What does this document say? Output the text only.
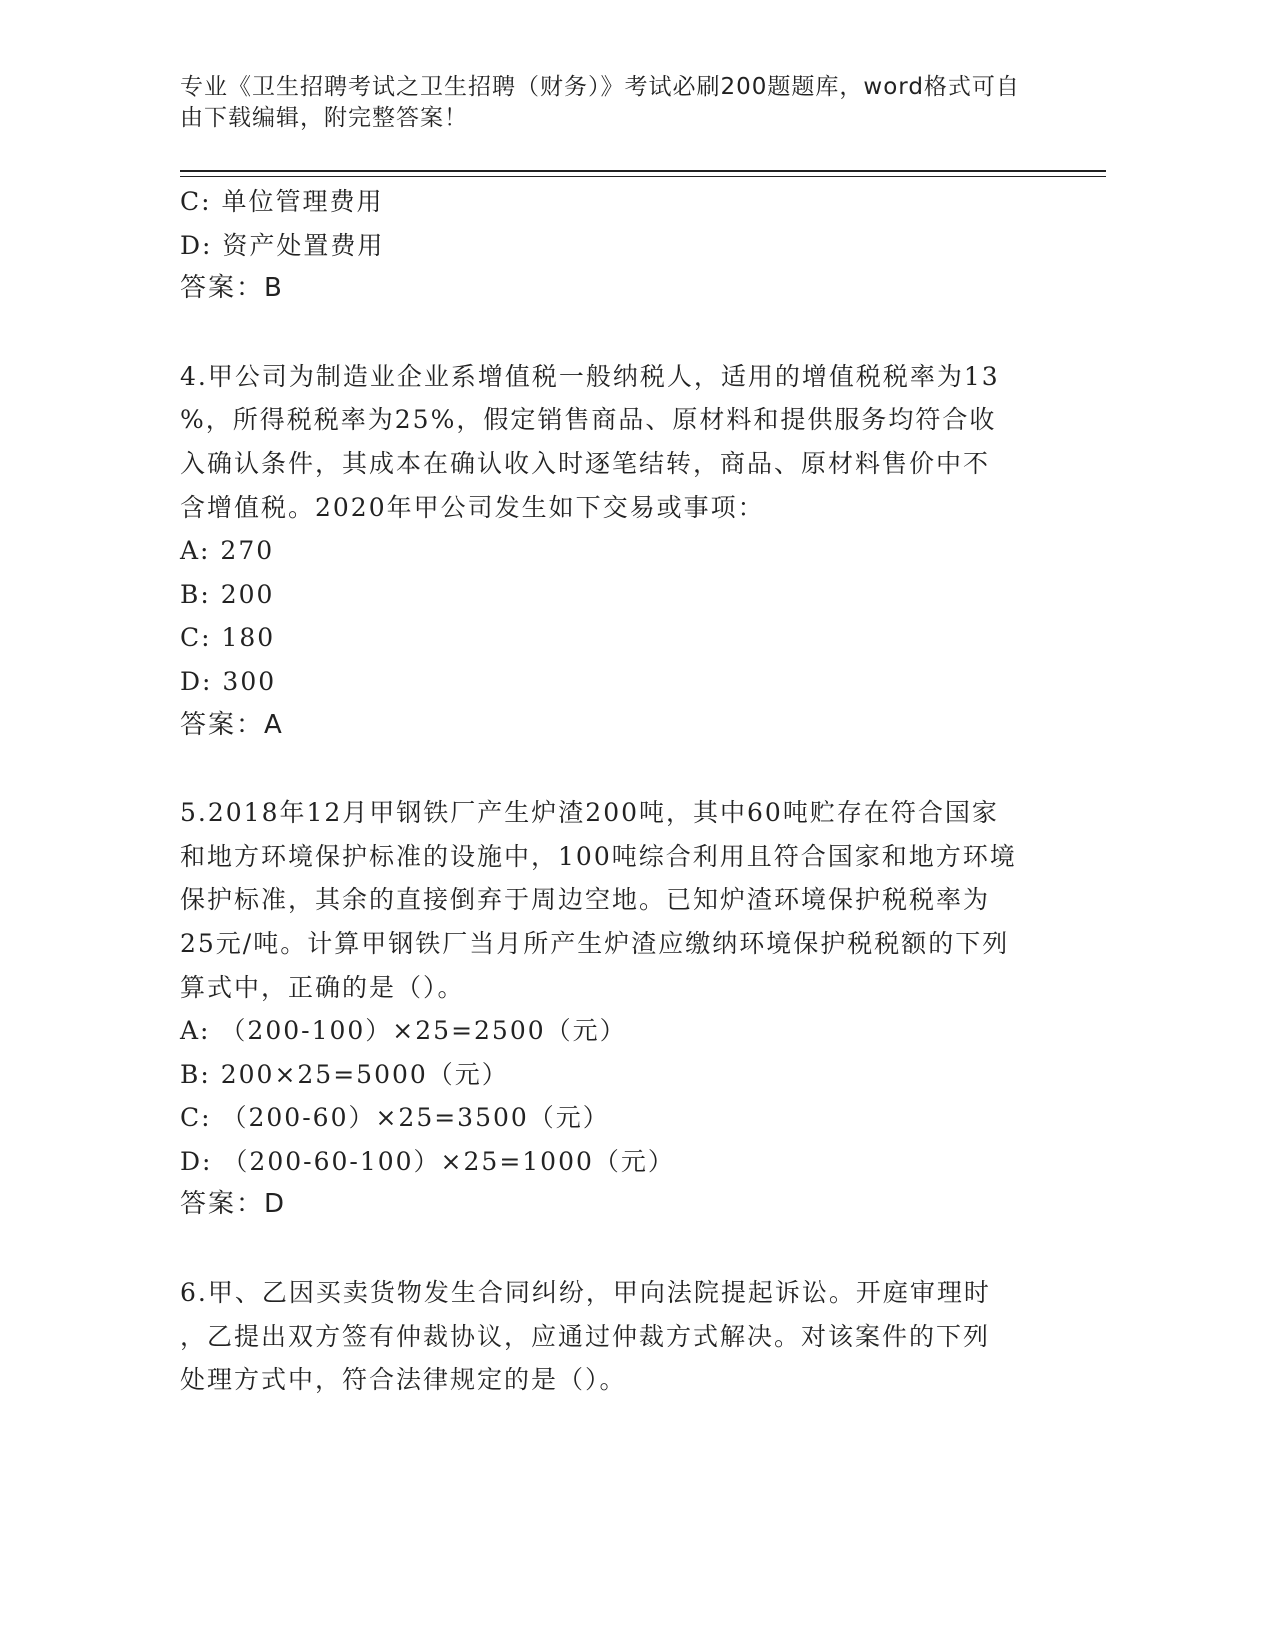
专业《卫生招聘考试之卫生招聘（财务）》考试必刷200题题库，word格式可自
由下载编辑，附完整答案！
C: 单位管理费用
D: 资产处置费用
答案：B
4.甲公司为制造业企业系增值税一般纳税人，适用的增值税税率为13
%，所得税税率为25%，假定销售商品、原材料和提供服务均符合收
入确认条件，其成本在确认收入时逐笔结转，商品、原材料售价中不
含增值税。2020年甲公司发生如下交易或事项：
A: 270
B: 200
C: 180
D: 300
答案：A
5.2018年12月甲钢铁厂产生炉渣200吨，其中60吨贮存在符合国家
和地方环境保护标准的设施中，100吨综合利用且符合国家和地方环境
保护标准，其余的直接倒弃于周边空地。已知炉渣环境保护税税率为
25元/吨。计算甲钢铁厂当月所产生炉渣应缴纳环境保护税税额的下列
算式中，正确的是（）。
A: （200-100）×25=2500（元）
B: 200×25=5000（元）
C: （200-60）×25=3500（元）
D: （200-60-100）×25=1000（元）
答案：D
6.甲、乙因买卖货物发生合同纠纷，甲向法院提起诉讼。开庭审理时
，乙提出双方签有仲裁协议，应通过仲裁方式解决。对该案件的下列
处理方式中，符合法律规定的是（）。
